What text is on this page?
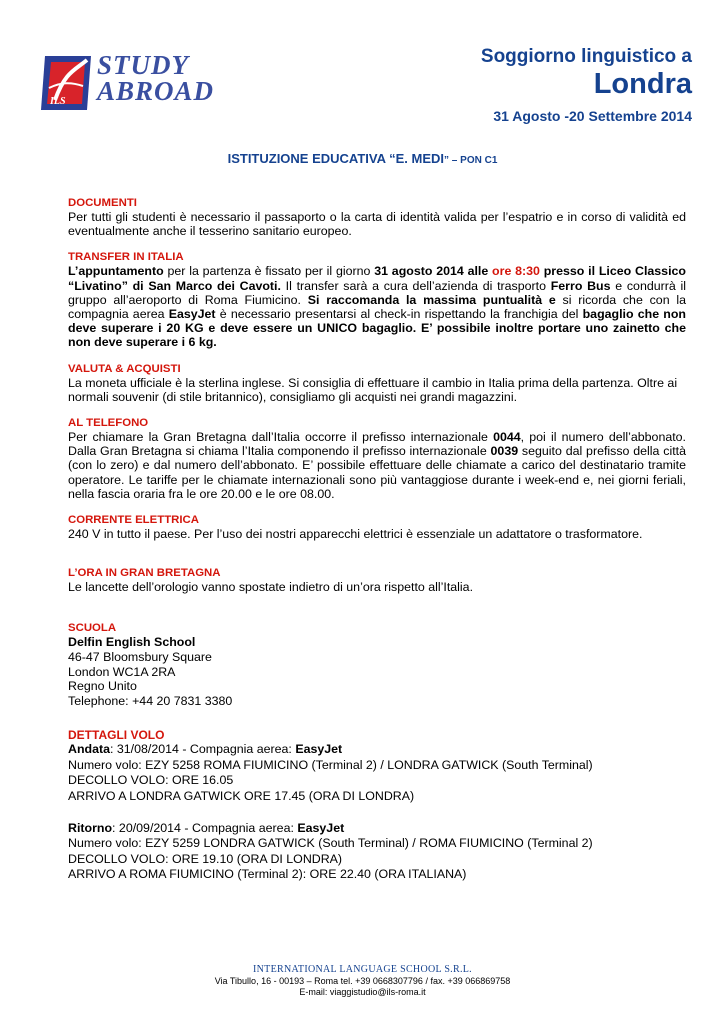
STUDY
ABROAD
ILS
Soggiorno linguistico a
Londra
31 Agosto -20 Settembre 2014
ISTITUZIONE EDUCATIVA “E. MEDI” – PON C1
DOCUMENTI
Per tutti gli studenti è necessario il passaporto o la carta di identità valida per l’espatrio e in corso di validità ed eventualmente anche il tesserino sanitario europeo.
TRANSFER IN ITALIA
L’appuntamento per la partenza è fissato per il giorno 31 agosto 2014 alle ore 8:30 presso il Liceo Classico “Livatino” di San Marco dei Cavoti. Il transfer sarà a cura dell’azienda di trasporto Ferro Bus e condurrà il gruppo all’aeroporto di Roma Fiumicino. Si raccomanda la massima puntualità e si ricorda che con la compagnia aerea EasyJet è necessario presentarsi al check-in rispettando la franchigia del bagaglio che non deve superare i 20 KG e deve essere un UNICO bagaglio. E’ possibile inoltre portare uno zainetto che non deve superare i 6 kg.
VALUTA & ACQUISTI
La moneta ufficiale è la sterlina inglese. Si consiglia di effettuare il cambio in Italia prima della partenza. Oltre ai normali souvenir (di stile britannico), consigliamo gli acquisti nei grandi magazzini.
AL TELEFONO
Per chiamare la Gran Bretagna dall’Italia occorre il prefisso internazionale 0044, poi il numero dell’abbonato. Dalla Gran Bretagna si chiama l’Italia componendo il prefisso internazionale 0039 seguito dal prefisso della città (con lo zero) e dal numero dell’abbonato. E’ possibile effettuare delle chiamate a carico del destinatario tramite operatore. Le tariffe per le chiamate internazionali sono più vantaggiose durante i week-end e, nei giorni feriali, nella fascia oraria fra le ore 20.00 e le ore 08.00.
CORRENTE ELETTRICA
240 V in tutto il paese. Per l’uso dei nostri apparecchi elettrici è essenziale un adattatore o trasformatore.
L’ORA IN GRAN BRETAGNA
Le lancette dell’orologio vanno spostate indietro di un’ora rispetto all’Italia.
SCUOLA
Delfin English School
46-47 Bloomsbury Square
London WC1A 2RA
Regno Unito
Telephone: +44 20 7831 3380
DETTAGLI VOLO
Andata: 31/08/2014 - Compagnia aerea: EasyJet
Numero volo: EZY 5258 ROMA FIUMICINO (Terminal 2) / LONDRA GATWICK (South Terminal)
DECOLLO VOLO: ORE 16.05
ARRIVO A LONDRA GATWICK ORE 17.45 (ORA DI LONDRA)
Ritorno: 20/09/2014 - Compagnia aerea: EasyJet
Numero volo: EZY 5259 LONDRA GATWICK (South Terminal) / ROMA FIUMICINO (Terminal 2)
DECOLLO VOLO: ORE 19.10 (ORA DI LONDRA)
ARRIVO A ROMA FIUMICINO (Terminal 2): ORE 22.40 (ORA ITALIANA)
INTERNATIONAL LANGUAGE SCHOOL S.R.L.
Via Tibullo, 16 - 00193 – Roma tel. +39 0668307796 / fax. +39 066869758
E-mail: viaggistudio@ils-roma.it
